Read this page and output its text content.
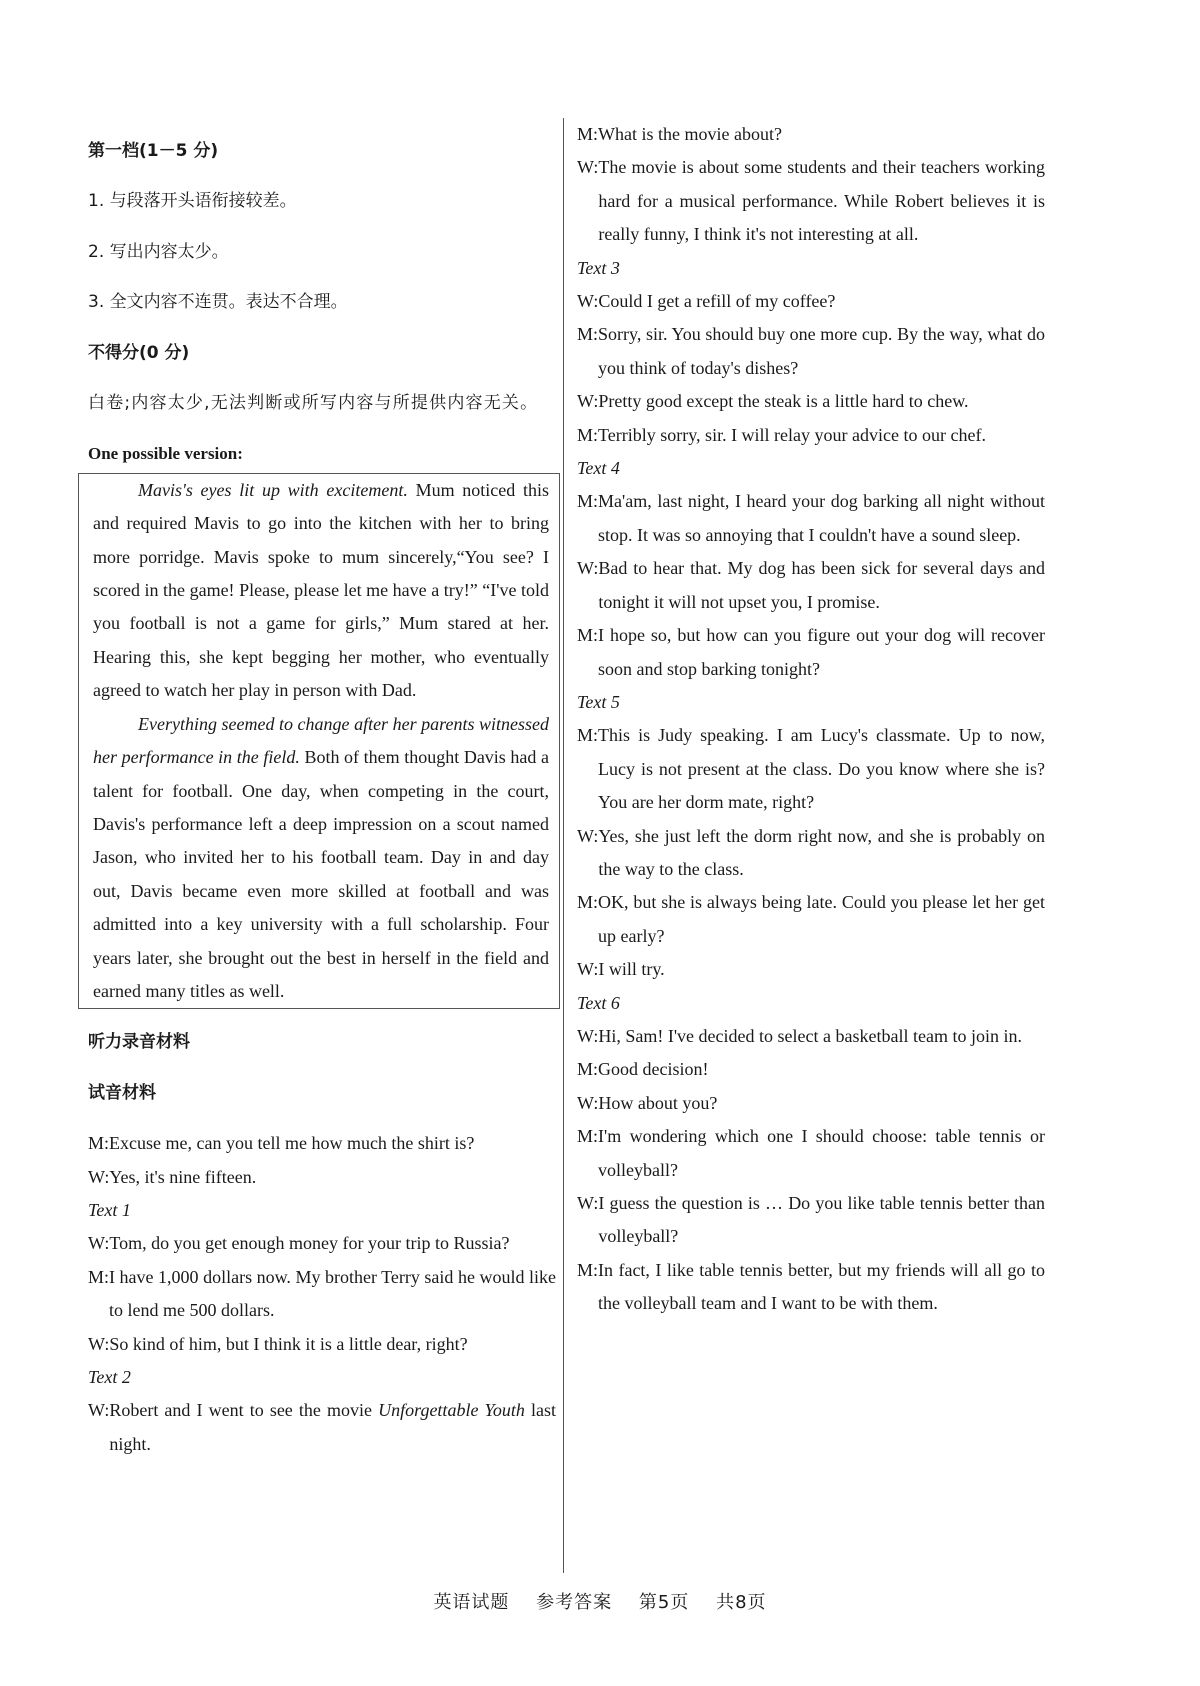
第一档(1－5 分)

1. 与段落开头语衔接较差。

2. 写出内容太少。

3. 全文内容不连贯。表达不合理。

不得分(0 分)

白卷;内容太少,无法判断或所写内容与所提供内容无关。

One possible version:

Mavis's eyes lit up with excitement. Mum noticed this and required Mavis to go into the kitchen with her to bring more porridge. Mavis spoke to mum sincerely,“You see? I scored in the game! Please, please let me have a try!” “I've told you football is not a game for girls,” Mum stared at her. Hearing this, she kept begging her mother, who eventually agreed to watch her play in person with Dad.

Everything seemed to change after her parents witnessed her performance in the field. Both of them thought Davis had a talent for football. One day, when competing in the court, Davis's performance left a deep impression on a scout named Jason, who invited her to his football team. Day in and day out, Davis became even more skilled at football and was admitted into a key university with a full scholarship. Four years later, she brought out the best in herself in the field and earned many titles as well.

听力录音材料

试音材料

M: Excuse me, can you tell me how much the shirt is?
W: Yes, it's nine fifteen.

Text 1

W: Tom, do you get enough money for your trip to Russia?
M: I have 1,000 dollars now. My brother Terry said he would like to lend me 500 dollars.
W: So kind of him, but I think it is a little dear, right?

Text 2

W: Robert and I went to see the movie Unforgettable Youth last night.
M: What is the movie about?
W: The movie is about some students and their teachers working hard for a musical performance. While Robert believes it is really funny, I think it's not interesting at all.

Text 3

W: Could I get a refill of my coffee?
M: Sorry, sir. You should buy one more cup. By the way, what do you think of today's dishes?
W: Pretty good except the steak is a little hard to chew.
M: Terribly sorry, sir. I will relay your advice to our chef.

Text 4

M: Ma'am, last night, I heard your dog barking all night without stop. It was so annoying that I couldn't have a sound sleep.
W: Bad to hear that. My dog has been sick for several days and tonight it will not upset you, I promise.
M: I hope so, but how can you figure out your dog will recover soon and stop barking tonight?

Text 5

M: This is Judy speaking. I am Lucy's classmate. Up to now, Lucy is not present at the class. Do you know where she is? You are her dorm mate, right?
W: Yes, she just left the dorm right now, and she is probably on the way to the class.
M: OK, but she is always being late. Could you please let her get up early?
W: I will try.

Text 6

W: Hi, Sam! I've decided to select a basketball team to join in.
M: Good decision!
W: How about you?
M: I'm wondering which one I should choose: table tennis or volleyball?
W: I guess the question is … Do you like table tennis better than volleyball?
M: In fact, I like table tennis better, but my friends will all go to the volleyball team and I want to be with them.
英语试题 参考答案 第5页 共8页
